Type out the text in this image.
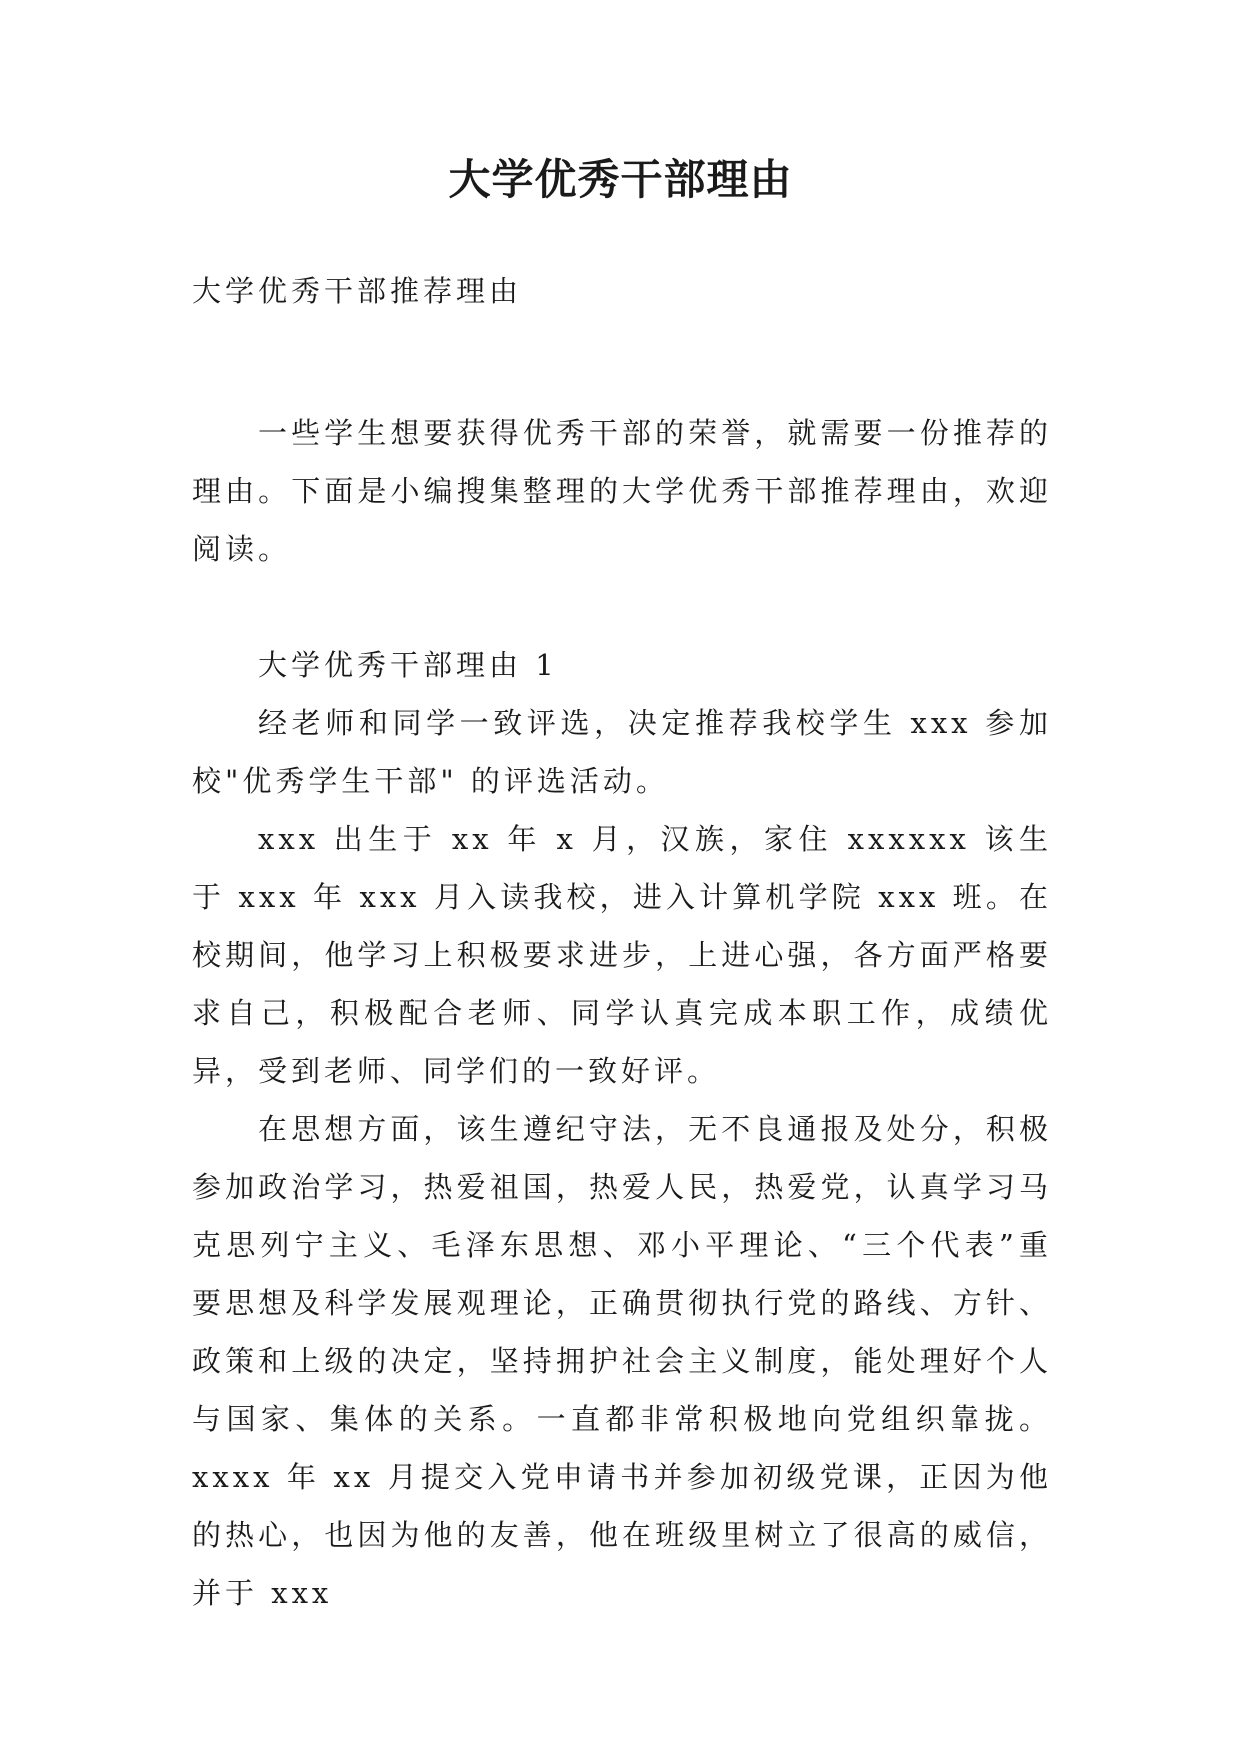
大学优秀干部理由

大学优秀干部推荐理由

一些学生想要获得优秀干部的荣誉，就需要一份推荐的理由。下面是小编搜集整理的大学优秀干部推荐理由，欢迎阅读。

大学优秀干部理由 1

经老师和同学一致评选，决定推荐我校学生 xxx 参加校"优秀学生干部" 的评选活动。

xxx 出生于 xx 年 x 月，汉族，家住 xxxxxx 该生于 xxx 年 xxx 月入读我校，进入计算机学院 xxx 班。在校期间，他学习上积极要求进步，上进心强，各方面严格要求自己，积极配合老师、同学认真完成本职工作，成绩优异，受到老师、同学们的一致好评。

在思想方面，该生遵纪守法，无不良通报及处分，积极参加政治学习，热爱祖国，热爱人民，热爱党，认真学习马克思列宁主义、毛泽东思想、邓小平理论、“三个代表”重要思想及科学发展观理论，正确贯彻执行党的路线、方针、政策和上级的决定，坚持拥护社会主义制度，能处理好个人与国家、集体的关系。一直都非常积极地向党组织靠拢。xxxx 年 xx 月提交入党申请书并参加初级党课，正因为他的热心，也因为他的友善，他在班级里树立了很高的威信，并于 xxx
